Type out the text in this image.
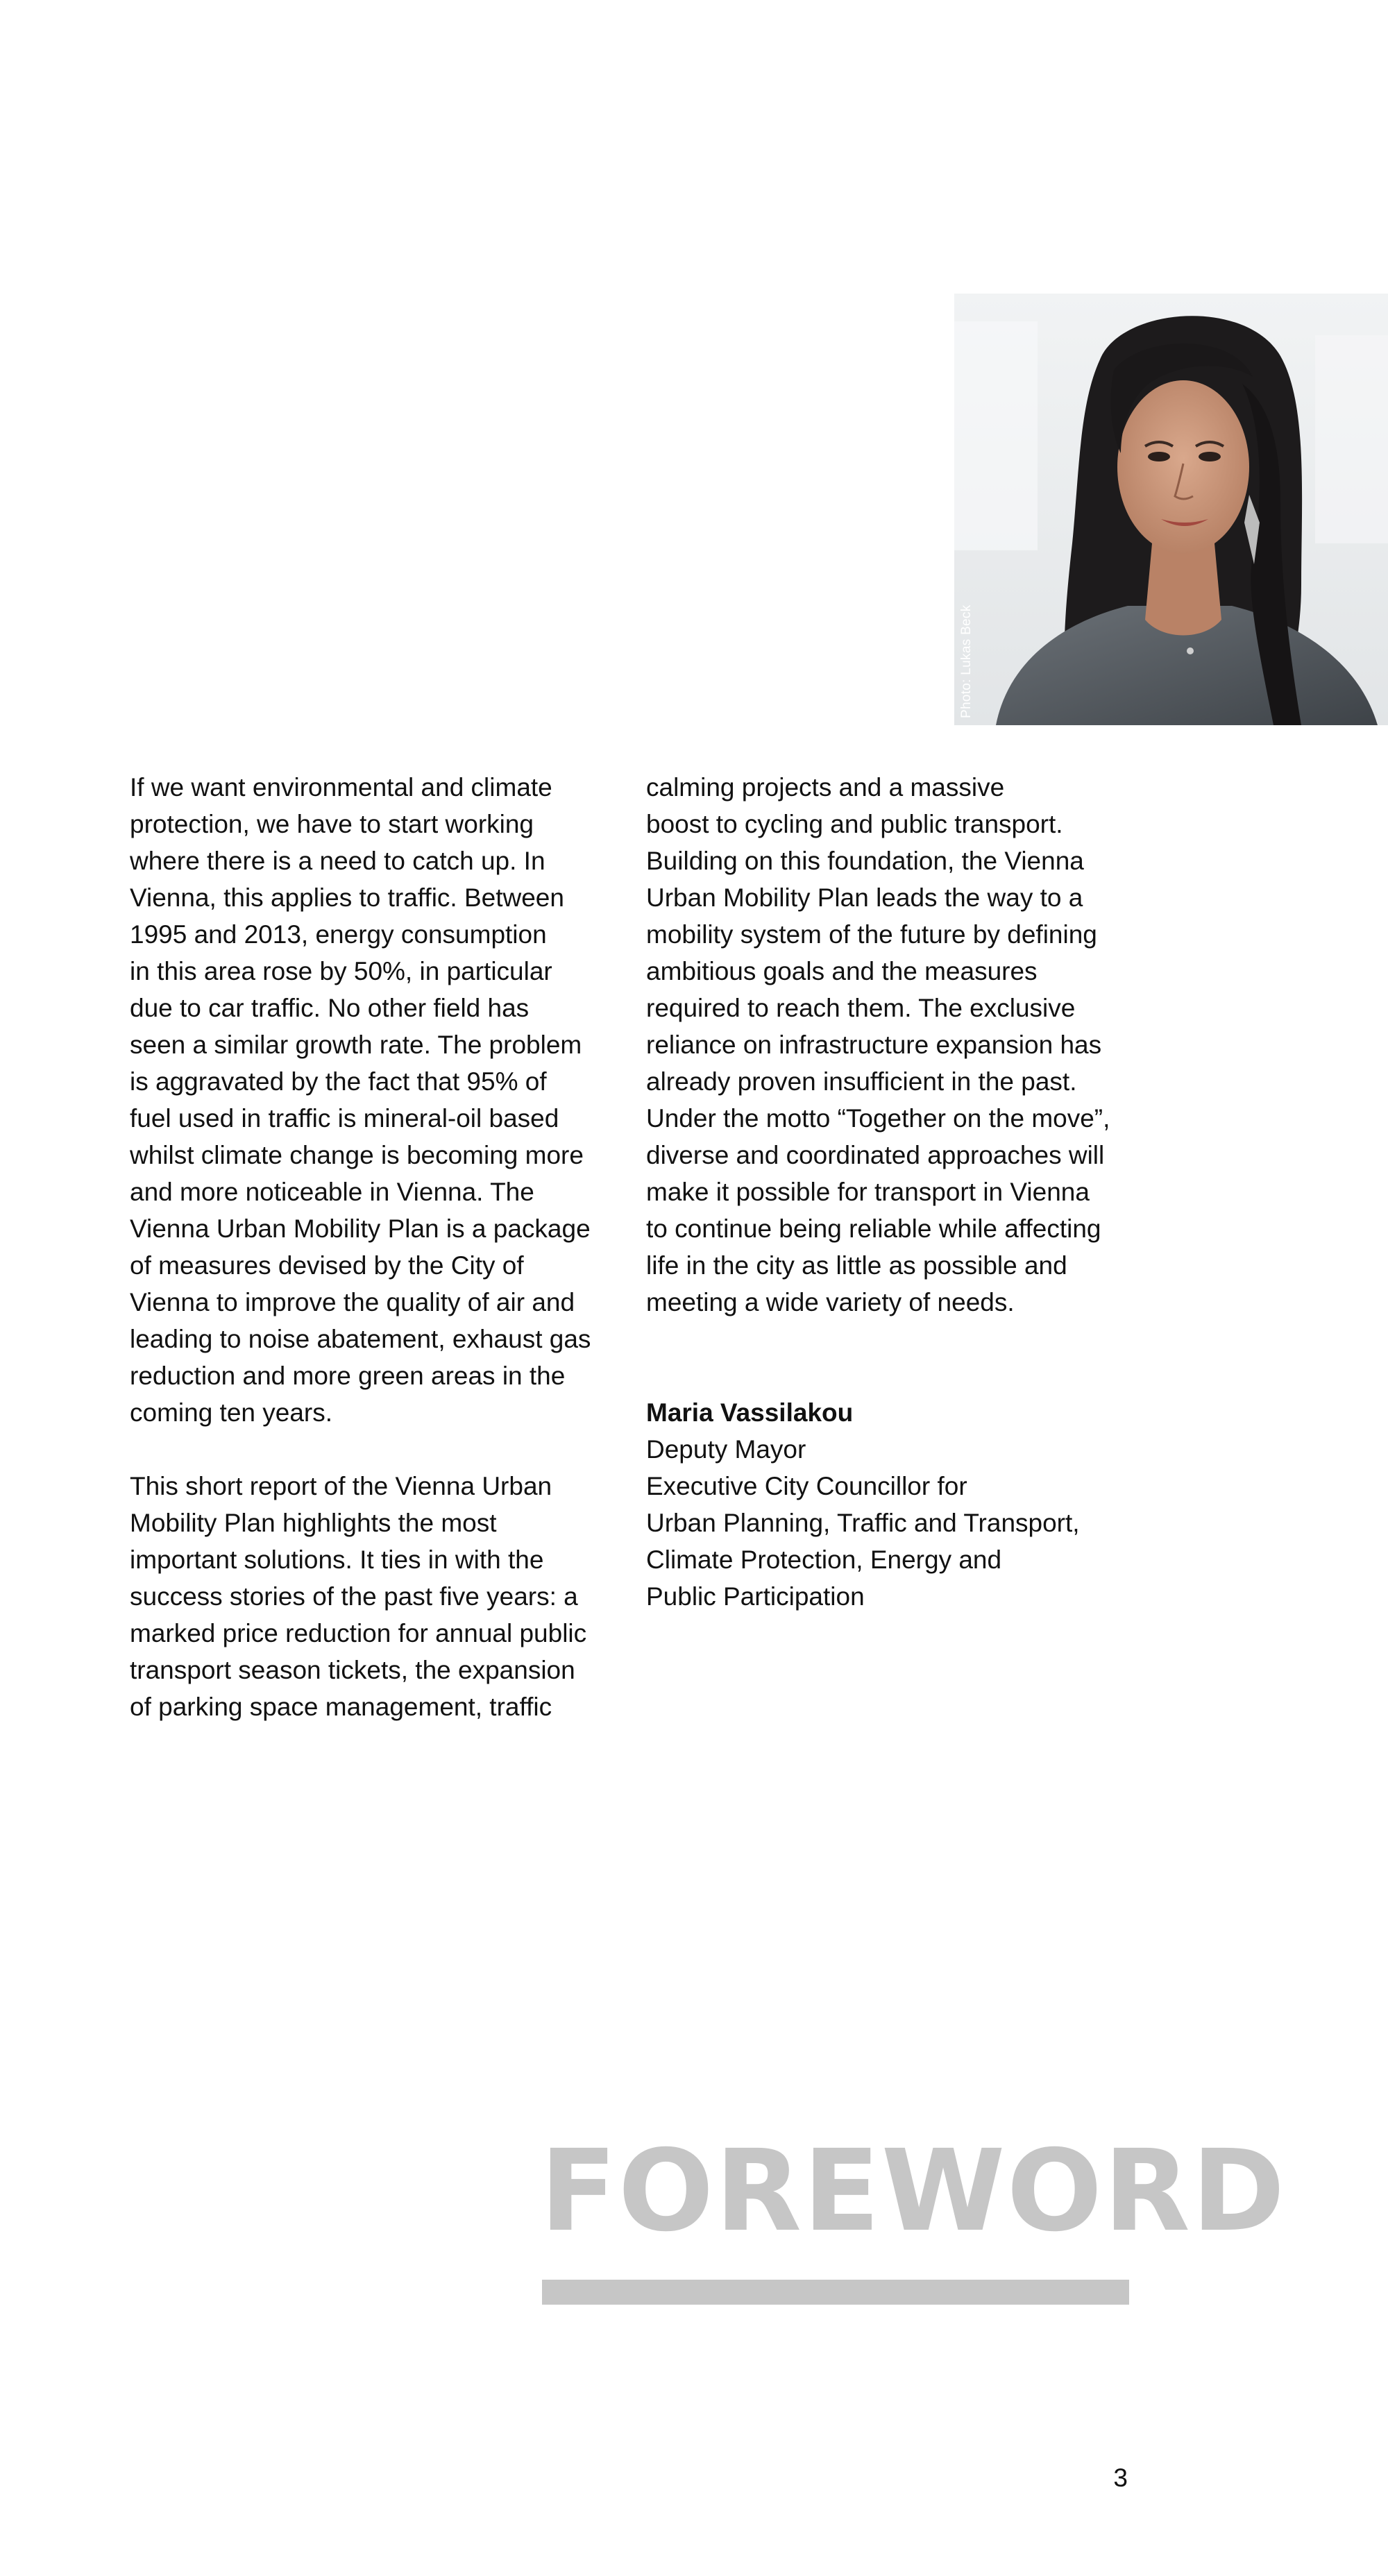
Photo: Lukas Beck
If we want environmental and climate
protection, we have to start working
where there is a need to catch up. In
Vienna, this applies to traffic. Between
1995 and 2013, energy consumption
in this area rose by 50%, in particular
due to car traffic. No other field has
seen a similar growth rate. The problem
is aggravated by the fact that 95% of
fuel used in traffic is mineral-oil based
whilst climate change is becoming more
and more noticeable in Vienna. The
Vienna Urban Mobility Plan is a package
of measures devised by the City of
Vienna to improve the quality of air and
leading to noise abatement, exhaust gas
reduction and more green areas in the
coming ten years.
This short report of the Vienna Urban
Mobility Plan highlights the most
important solutions. It ties in with the
success stories of the past five years: a
marked price reduction for annual public
transport season tickets, the expansion
of parking space management, traffic
calming projects and a massive
boost to cycling and public transport.
Building on this foundation, the Vienna
Urban Mobility Plan leads the way to a
mobility system of the future by defining
ambitious goals and the measures
required to reach them. The exclusive
reliance on infrastructure expansion has
already proven insufficient in the past.
Under the motto “Together on the move”,
diverse and coordinated approaches will
make it possible for transport in Vienna
to continue being reliable while affecting
life in the city as little as possible and
meeting a wide variety of needs.
Maria Vassilakou
Deputy Mayor
Executive City Councillor for
Urban Planning, Traffic and Transport,
Climate Protection, Energy and
Public Participation
FOREWORD
3
